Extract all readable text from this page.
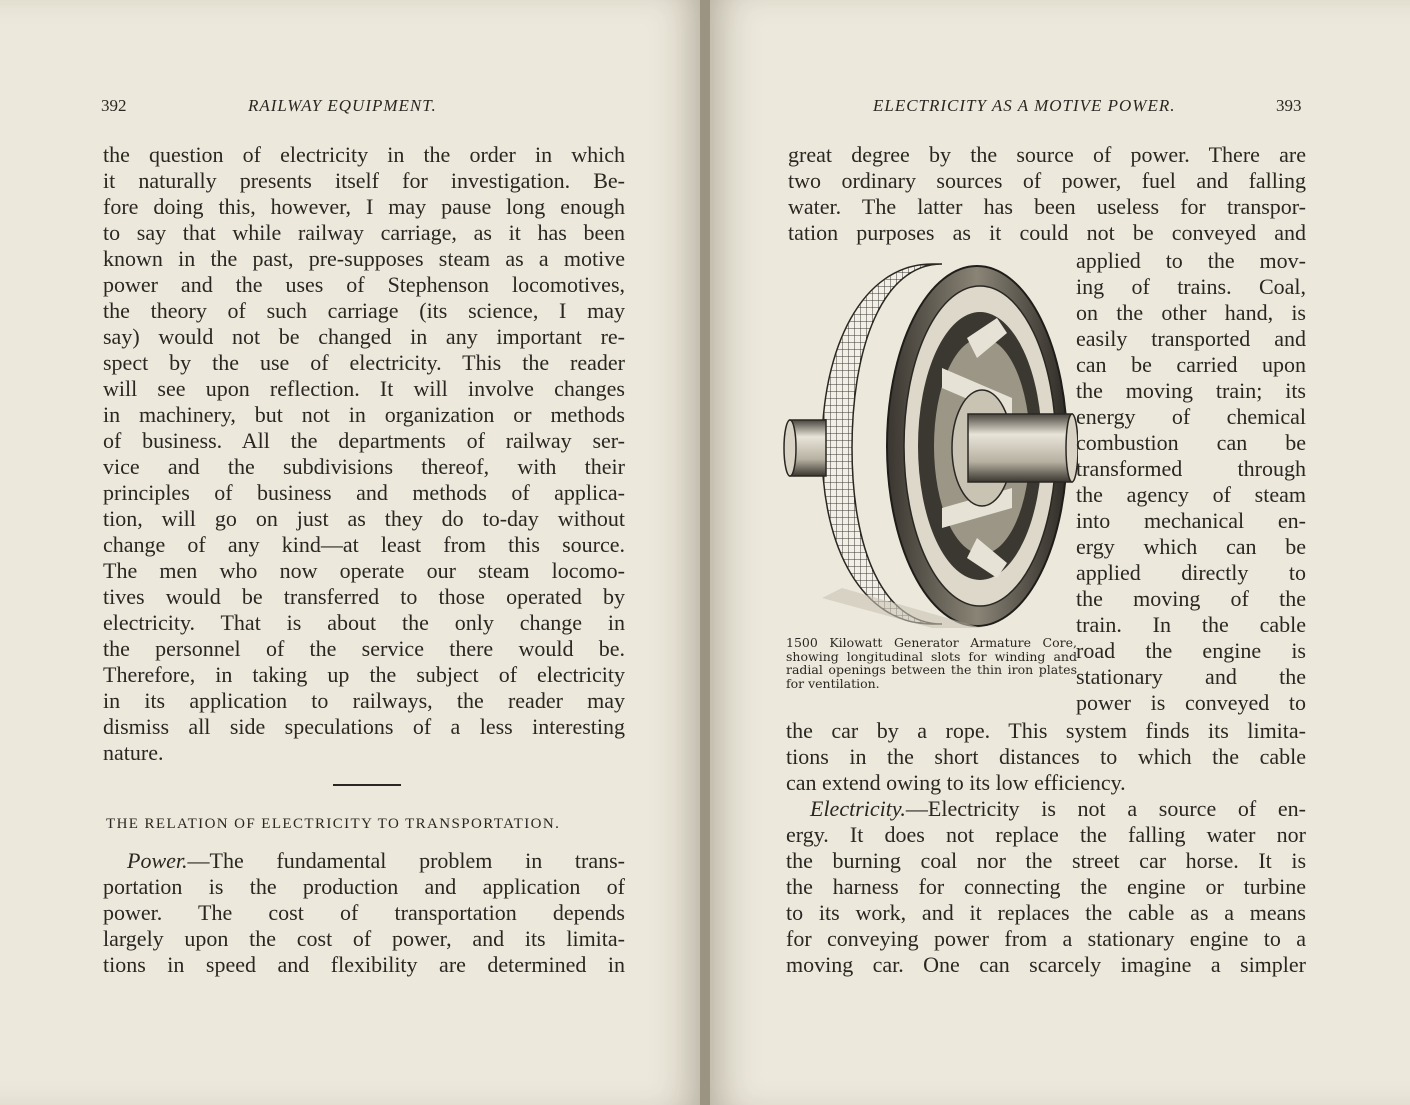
392	RAILWAY EQUIPMENT.	ELECTRICITY AS A MOTIVE POWER.	393
the question of electricity in the order in which
it naturally presents itself for investigation. Be-
fore doing this, however, I may pause long enough
to say that while railway carriage, as it has been
known in the past, pre-supposes steam as a motive
power and the uses of Stephenson locomotives,
the theory of such carriage (its science, I may
say) would not be changed in any important re-
spect by the use of electricity. This the reader
will see upon reflection. It will involve changes
in machinery, but not in organization or methods
of business. All the departments of railway ser-
vice and the subdivisions thereof, with their
principles of business and methods of applica-
tion, will go on just as they do to-day without
change of any kind—at least from this source.
The men who now operate our steam locomo-
tives would be transferred to those operated by
electricity. That is about the only change in
the personnel of the service there would be.
Therefore, in taking up the subject of electricity
in its application to railways, the reader may
dismiss all side speculations of a less interesting
nature.
THE RELATION OF ELECTRICITY TO TRANSPORTATION.
Power.—The fundamental problem in trans-
portation is the production and application of
power. The cost of transportation depends
largely upon the cost of power, and its limita-
tions in speed and flexibility are determined in
great degree by the source of power. There are
two ordinary sources of power, fuel and falling
water. The latter has been useless for transpor-
tation purposes as it could not be conveyed and
applied to the mov-
ing of trains. Coal,
on the other hand, is
easily transported and
can be carried upon
the moving train; its
energy of chemical
combustion can be
transformed through
the agency of steam
into mechanical en-
ergy which can be
applied directly to
the moving of the
train. In the cable
road the engine is
stationary and the
power is conveyed to
1500 Kilowatt Generator Armature Core,
showing longitudinal slots for winding and
radial openings between the thin iron plates
for ventilation.
the car by a rope. This system finds its limita-
tions in the short distances to which the cable
can extend owing to its low efficiency.
Electricity.—Electricity is not a source of en-
ergy. It does not replace the falling water nor
the burning coal nor the street car horse. It is
the harness for connecting the engine or turbine
to its work, and it replaces the cable as a means
for conveying power from a stationary engine to a
moving car. One can scarcely imagine a simpler
